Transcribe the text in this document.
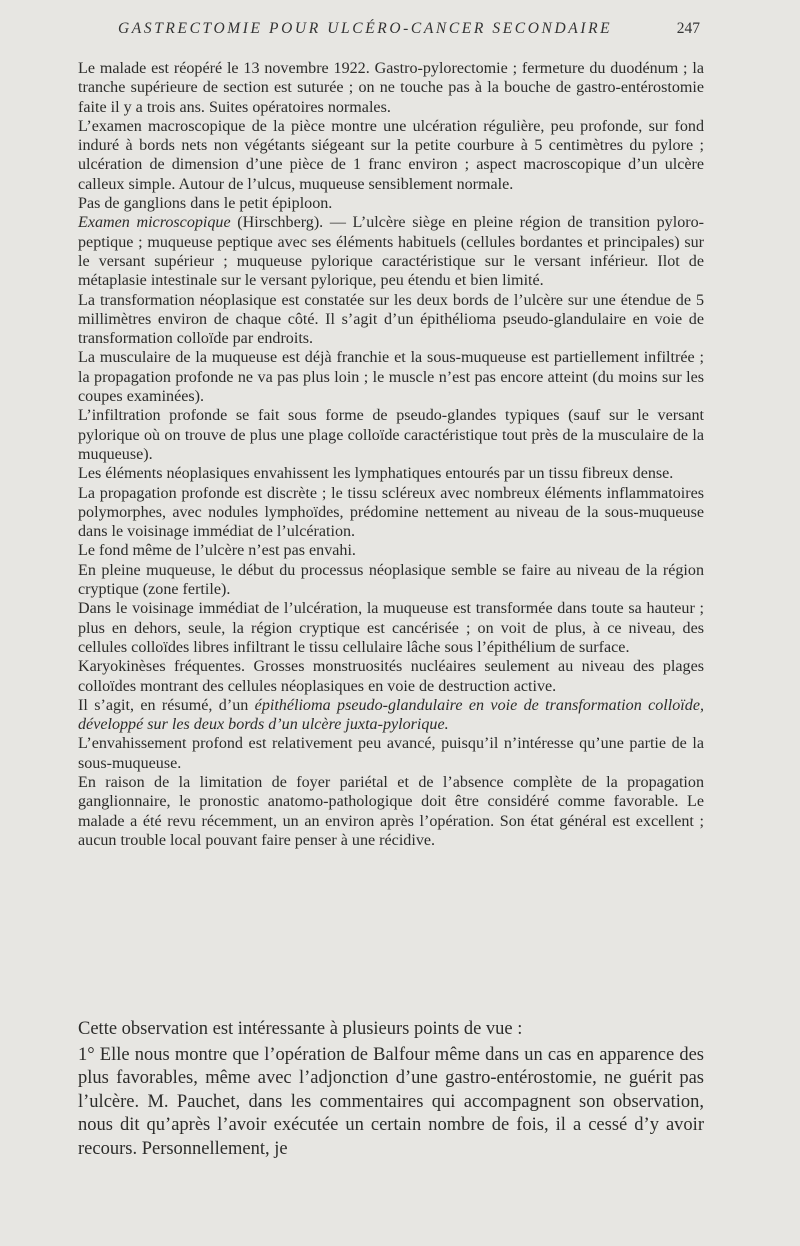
GASTRECTOMIE POUR ULCÉRO-CANCER SECONDAIRE	247

Le malade est réopéré le 13 novembre 1922. Gastro-pylorectomie ; fermeture du duodénum ; la tranche supérieure de section est suturée ; on ne touche pas à la bouche de gastro-entérostomie faite il y a trois ans. Suites opératoires normales.

L’examen macroscopique de la pièce montre une ulcération régulière, peu profonde, sur fond induré à bords nets non végétants siégeant sur la petite courbure à 5 centimètres du pylore ; ulcération de dimension d’une pièce de 1 franc environ ; aspect macroscopique d’un ulcère calleux simple. Autour de l’ulcus, muqueuse sensiblement normale.

Pas de ganglions dans le petit épiploon.

Examen microscopique (Hirschberg). — L’ulcère siège en pleine région de transition pyloro-peptique ; muqueuse peptique avec ses éléments habituels (cellules bordantes et principales) sur le versant supérieur ; muqueuse pylorique caractéristique sur le versant inférieur. Ilot de métaplasie intestinale sur le versant pylorique, peu étendu et bien limité.

La transformation néoplasique est constatée sur les deux bords de l’ulcère sur une étendue de 5 millimètres environ de chaque côté. Il s’agit d’un épithélioma pseudo-glandulaire en voie de transformation colloïde par endroits.

La musculaire de la muqueuse est déjà franchie et la sous-muqueuse est partiellement infiltrée ; la propagation profonde ne va pas plus loin ; le muscle n’est pas encore atteint (du moins sur les coupes examinées).

L’infiltration profonde se fait sous forme de pseudo-glandes typiques (sauf sur le versant pylorique où on trouve de plus une plage colloïde caractéristique tout près de la musculaire de la muqueuse).

Les éléments néoplasiques envahissent les lymphatiques entourés par un tissu fibreux dense.

La propagation profonde est discrète ; le tissu scléreux avec nombreux éléments inflammatoires polymorphes, avec nodules lymphoïdes, prédomine nettement au niveau de la sous-muqueuse dans le voisinage immédiat de l’ulcération.

Le fond même de l’ulcère n’est pas envahi.

En pleine muqueuse, le début du processus néoplasique semble se faire au niveau de la région cryptique (zone fertile).

Dans le voisinage immédiat de l’ulcération, la muqueuse est transformée dans toute sa hauteur ; plus en dehors, seule, la région cryptique est cancérisée ; on voit de plus, à ce niveau, des cellules colloïdes libres infiltrant le tissu cellulaire lâche sous l’épithélium de surface.

Karyokinèses fréquentes. Grosses monstruosités nucléaires seulement au niveau des plages colloïdes montrant des cellules néoplasiques en voie de destruction active.

Il s’agit, en résumé, d’un épithélioma pseudo-glandulaire en voie de transformation colloïde, développé sur les deux bords d’un ulcère juxta-pylorique.

L’envahissement profond est relativement peu avancé, puisqu’il n’intéresse qu’une partie de la sous-muqueuse.

En raison de la limitation de foyer pariétal et de l’absence complète de la propagation ganglionnaire, le pronostic anatomo-pathologique doit être considéré comme favorable. Le malade a été revu récemment, un an environ après l’opération. Son état général est excellent ; aucun trouble local pouvant faire penser à une récidive.

Cette observation est intéressante à plusieurs points de vue :

1° Elle nous montre que l’opération de Balfour même dans un cas en apparence des plus favorables, même avec l’adjonction d’une gastro-entérostomie, ne guérit pas l’ulcère. M. Pauchet, dans les commentaires qui accompagnent son observation, nous dit qu’après l’avoir exécutée un certain nombre de fois, il a cessé d’y avoir recours. Personnellement, je
